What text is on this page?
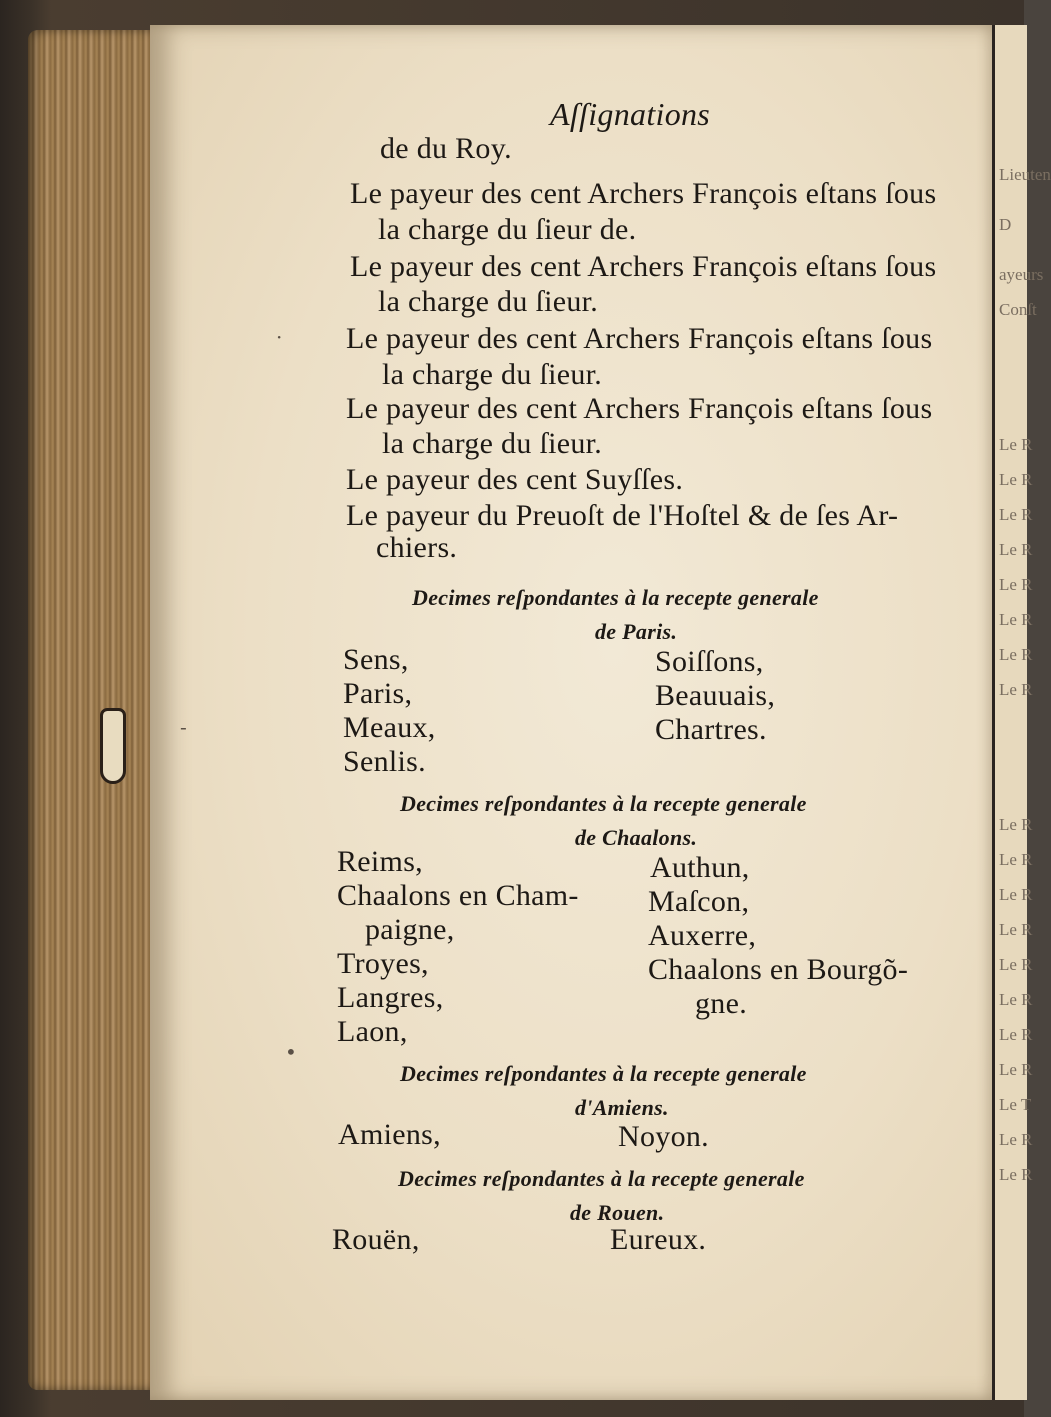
Aſſignations
de du Roy.
Le payeur des cent Archers François eſtans ſous
la charge du ſieur de.
Le payeur des cent Archers François eſtans ſous
la charge du ſieur.
Le payeur des cent Archers François eſtans ſous
la charge du ſieur.
Le payeur des cent Archers François eſtans ſous
la charge du ſieur.
Le payeur des cent Suyſſes.
Le payeur du Preuoſt de l'Hoſtel & de ſes Ar-
chiers.
Decimes reſpondantes à la recepte generale
de Paris.
Sens,
Paris,
Meaux,
Senlis.
Soiſſons,
Beauuais,
Chartres.
Decimes reſpondantes à la recepte generale
de Chaalons.
Reims,
Chaalons en Cham-
paigne,
Troyes,
Langres,
Laon,
Authun,
Maſcon,
Auxerre,
Chaalons en Bourgõ-
gne.
Decimes reſpondantes à la recepte generale
d'Amiens.
Amiens,	Noyon.
Decimes reſpondantes à la recepte generale
de Rouen.
Rouën,	Eureux.
·
-
•
Lieuten
D
ayeurs
Conſt
Le R
Le R
Le R
Le R
Le R
Le R
Le R
Le R
Le R
Le R
Le R
Le R
Le R
Le R
Le R
Le R
Le T
Le R
Le R
